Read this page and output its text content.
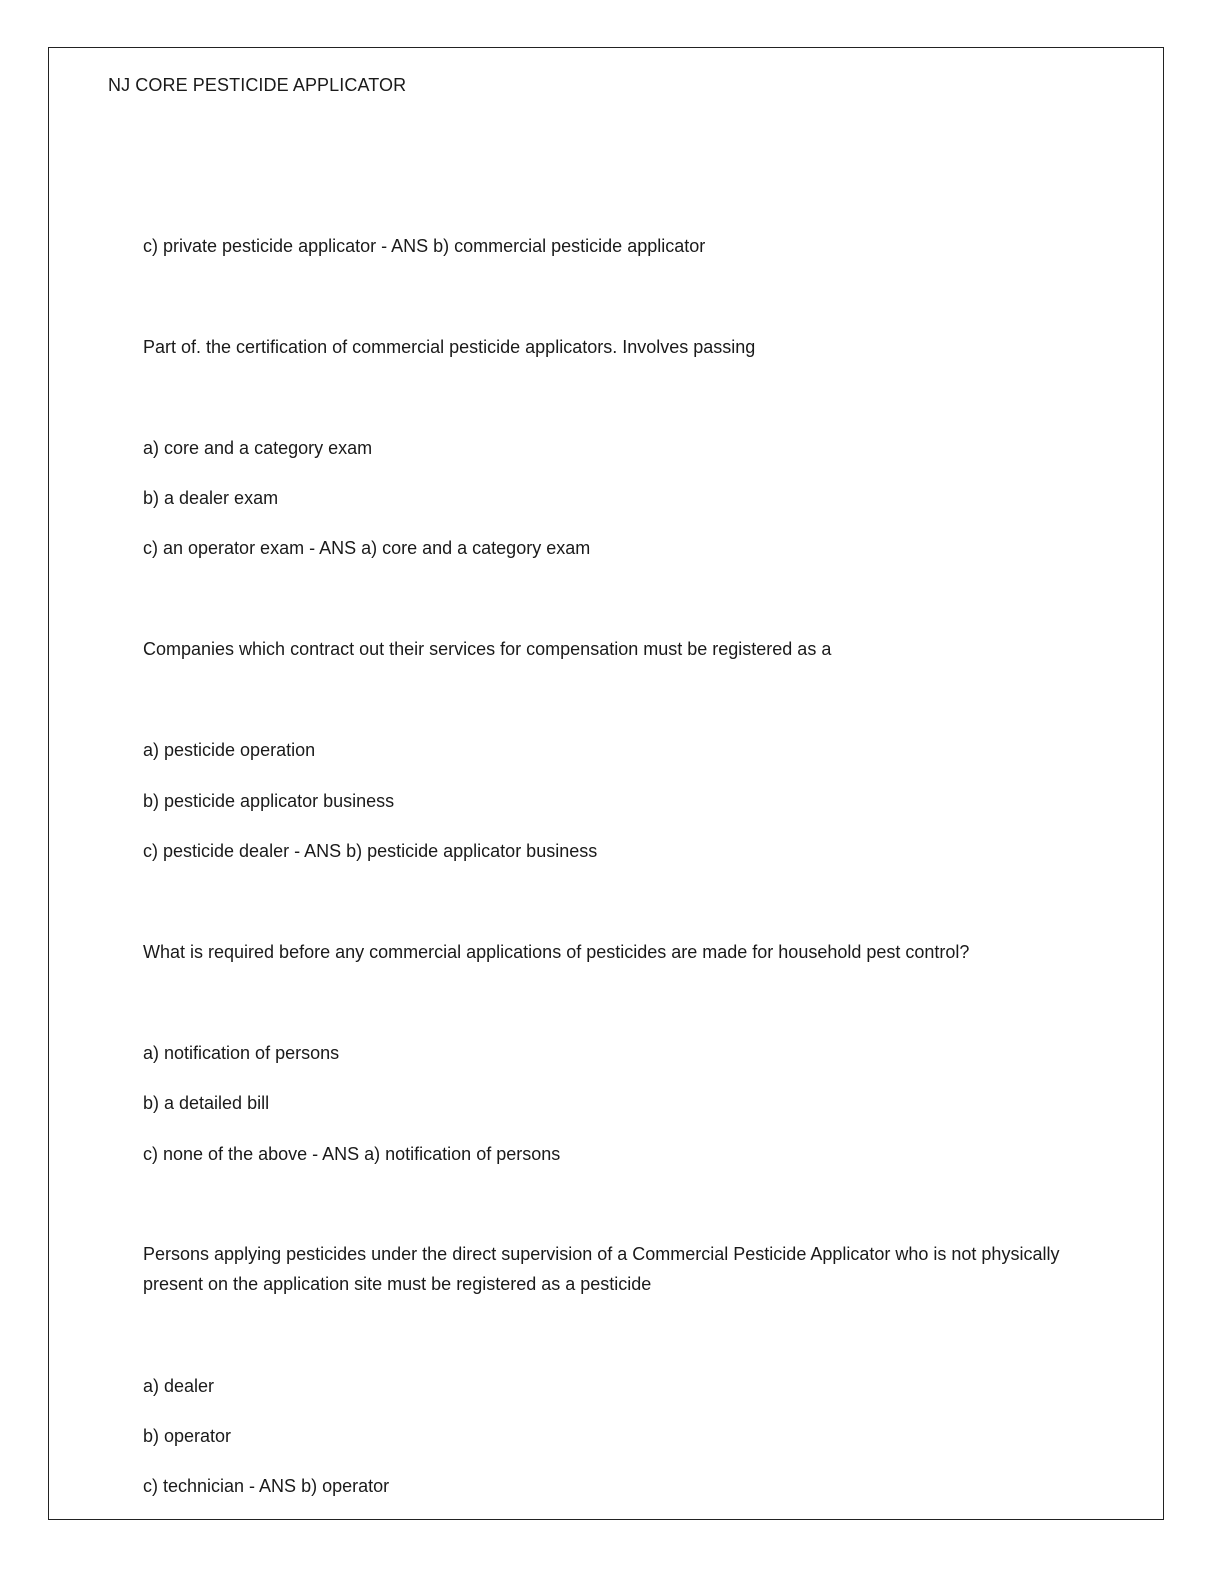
NJ CORE PESTICIDE APPLICATOR
c) private pesticide applicator - ANS b) commercial pesticide applicator
Part of. the certification of commercial pesticide applicators. Involves passing
a) core and a category exam
b) a dealer exam
c) an operator exam - ANS a) core and a category exam
Companies which contract out their services for compensation must be registered as a
a) pesticide operation
b) pesticide applicator business
c) pesticide dealer - ANS b) pesticide applicator business
What is required before any commercial applications of pesticides are made for household pest control?
a) notification of persons
b) a detailed bill
c) none of the above - ANS a) notification of persons
Persons applying pesticides under the direct supervision of a Commercial Pesticide Applicator who is not physically present on the application site must be registered as a pesticide
a) dealer
b) operator
c) technician - ANS b) operator
